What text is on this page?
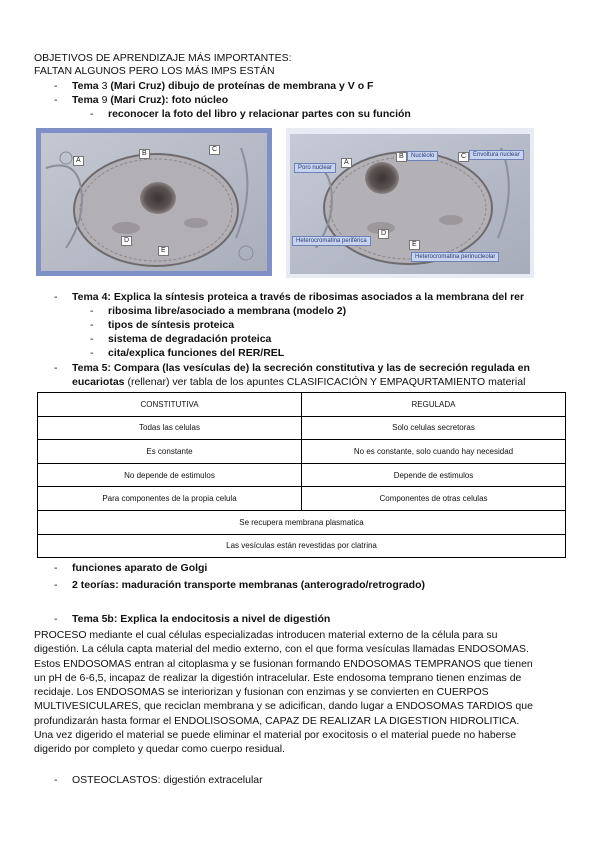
OBJETIVOS DE APRENDIZAJE MÁS IMPORTANTES:
FALTAN ALGUNOS PERO LOS MÁS IMPS ESTÁN
-	Tema 3 (Mari Cruz) dibujo de proteínas de membrana y V o F
-	Tema 9 (Mari Cruz): foto núcleo
-	reconocer la foto del libro y relacionar partes con su función
A
B
C
D
E
Poro nuclear
A
B	Nucléolo	C	Envoltura nuclear
Heterocromatina periférica
D
E
Heterocromatina perinucleolar
-	Tema 4: Explica la síntesis proteica a través de ribosimas asociados a la membrana del rer
-	ribosima libre/asociado a membrana (modelo 2)
-	tipos de síntesis proteica
-	sistema de degradación proteica
-	cita/explica funciones del RER/REL
-	Tema 5: Compara (las vesículas de) la secreción constitutiva y las de secreción regulada en
eucariotas (rellenar) ver tabla de los apuntes CLASIFICACIÓN Y EMPAQURTAMIENTO material
CONSTITUTIVA	REGULADA
Todas las celulas	Solo celulas secretoras
Es constante	No es constante, solo cuando hay necesidad
No depende de estimulos	Depende de estimulos
Para componentes de la propia celula	Componentes de otras celulas
Se recupera membrana plasmatica	
Las vesículas están revestidas por clatrina	
-	funciones aparato de Golgi
-	2 teorías: maduración transporte membranas (anterogrado/retrogrado)
-	Tema 5b: Explica la endocitosis a nivel de digestión
PROCESO mediante el cual células especializadas introducen material externo de la célula para su
digestión. La célula capta material del medio externo, con el que forma vesículas llamadas ENDOSOMAS.
Estos ENDOSOMAS entran al citoplasma y se fusionan formando ENDOSOMAS TEMPRANOS que tienen
un pH de 6-6,5, incapaz de realizar la digestión intracelular. Este endosoma temprano tienen enzimas de
recidaje. Los ENDOSOMAS se interiorizan y fusionan con enzimas y se convierten en CUERPOS
MULTIVESICULARES, que reciclan membrana y se adicifican, dando lugar a ENDOSOMAS TARDIOS que
profundizarán hasta formar el ENDOLISOSOMA, CAPAZ DE REALIZAR LA DIGESTION HIDROLITICA.
Una vez digerido el material se puede eliminar el material por exocitosis o el material puede no haberse
digerido por completo y quedar como cuerpo residual.
-	OSTEOCLASTOS: digestión extracelular
